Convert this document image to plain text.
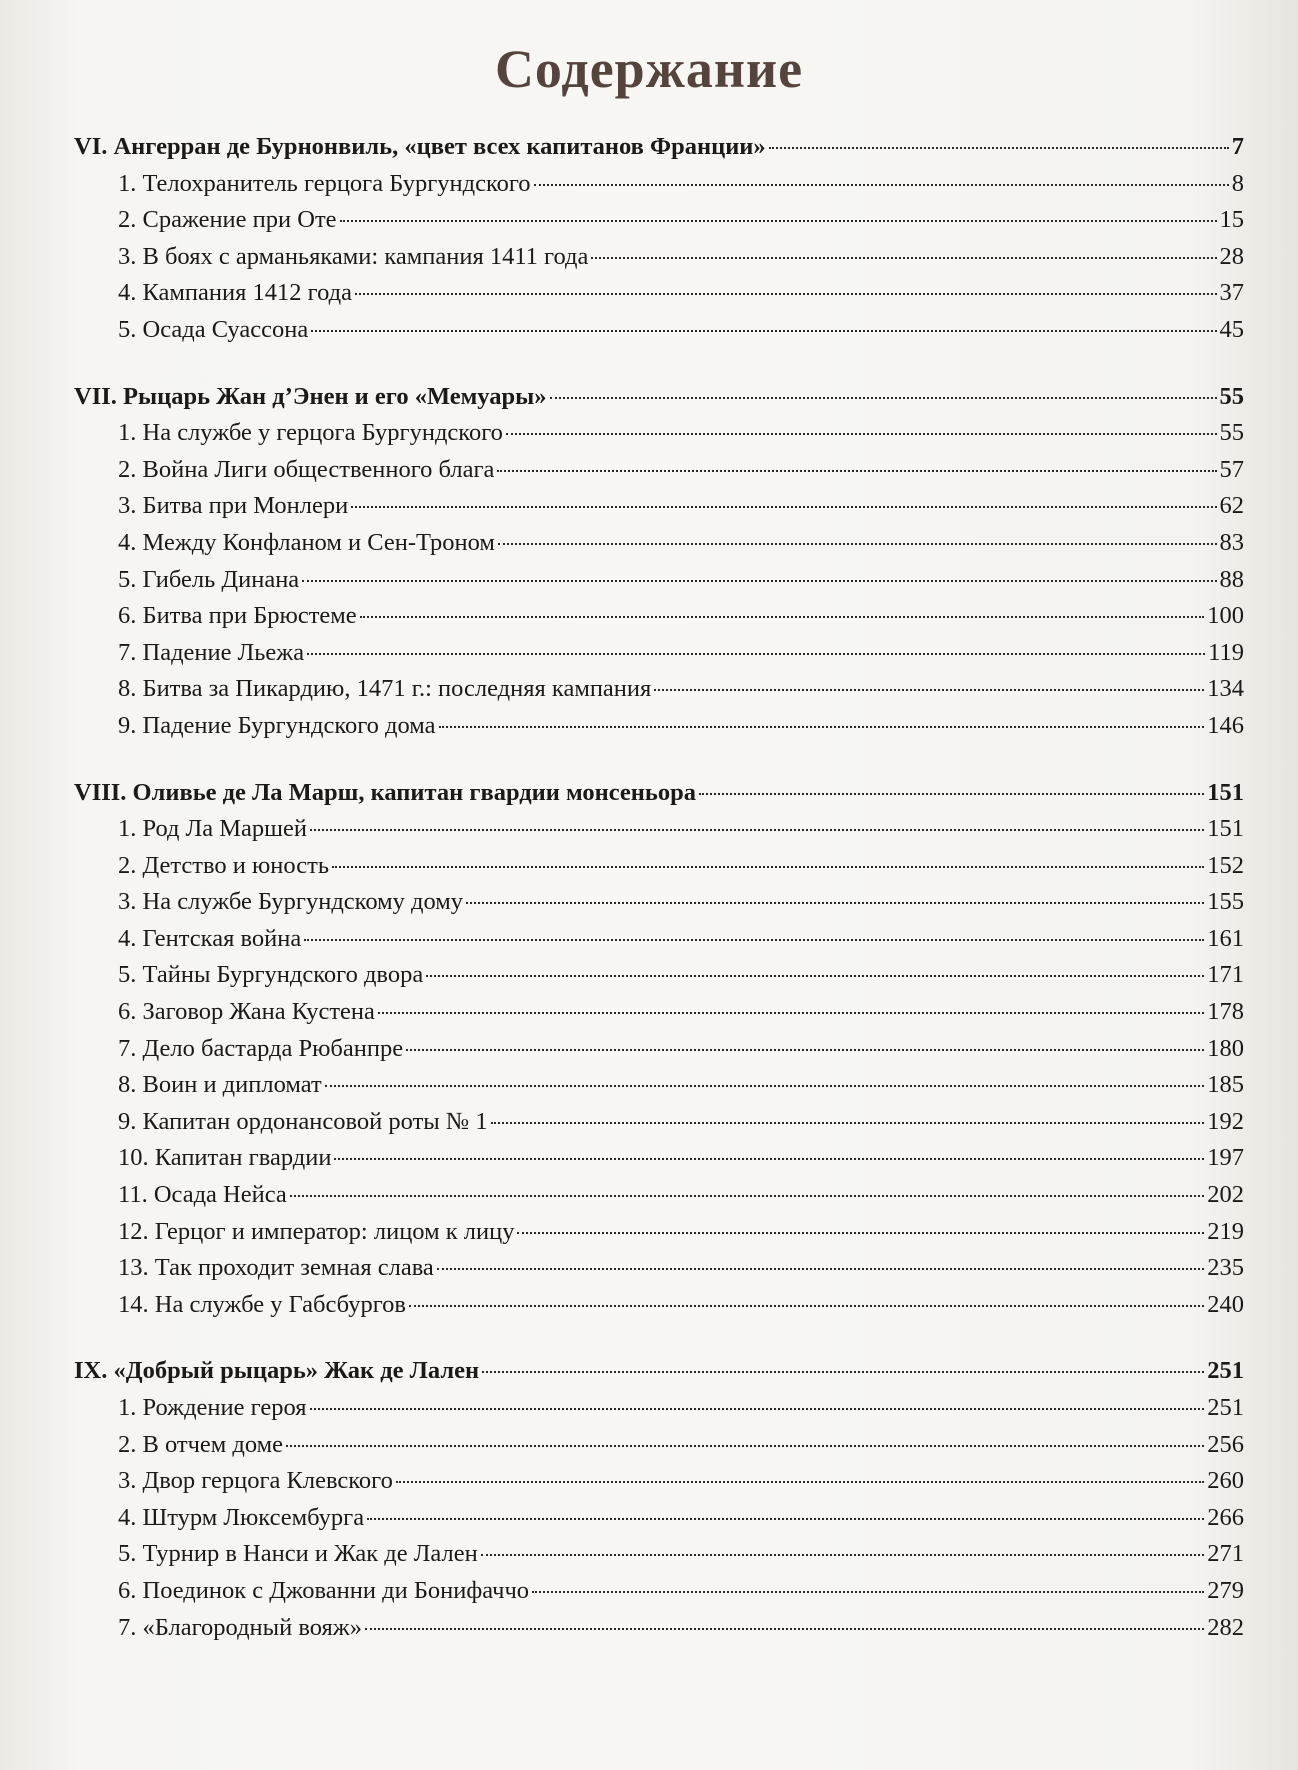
Содержание
VI. Ангерран де Бурнонвиль, «цвет всех капитанов Франции»	7
1. Телохранитель герцога Бургундского	8
2. Сражение при Оте	15
3. В боях с арманьяками: кампания 1411 года	28
4. Кампания 1412 года	37
5. Осада Суассона	45
VII. Рыцарь Жан д’Энен и его «Мемуары»	55
1. На службе у герцога Бургундского	55
2. Война Лиги общественного блага	57
3. Битва при Монлери	62
4. Между Конфланом и Сен-Троном	83
5. Гибель Динана	88
6. Битва при Брюстеме	100
7. Падение Льежа	119
8. Битва за Пикардию, 1471 г.: последняя кампания	134
9. Падение Бургундского дома	146
VIII. Оливье де Ла Марш, капитан гвардии монсеньора	151
1. Род Ла Маршей	151
2. Детство и юность	152
3. На службе Бургундскому дому	155
4. Гентская война	161
5. Тайны Бургундского двора	171
6. Заговор Жана Кустена	178
7. Дело бастарда Рюбанпре	180
8. Воин и дипломат	185
9. Капитан ордонансовой роты № 1	192
10. Капитан гвардии	197
11. Осада Нейса	202
12. Герцог и император: лицом к лицу	219
13. Так проходит земная слава	235
14. На службе у Габсбургов	240
IX. «Добрый рыцарь» Жак де Лален	251
1. Рождение героя	251
2. В отчем доме	256
3. Двор герцога Клевского	260
4. Штурм Люксембурга	266
5. Турнир в Нанси и Жак де Лален	271
6. Поединок с Джованни ди Бонифаччо	279
7. «Благородный вояж»	282
